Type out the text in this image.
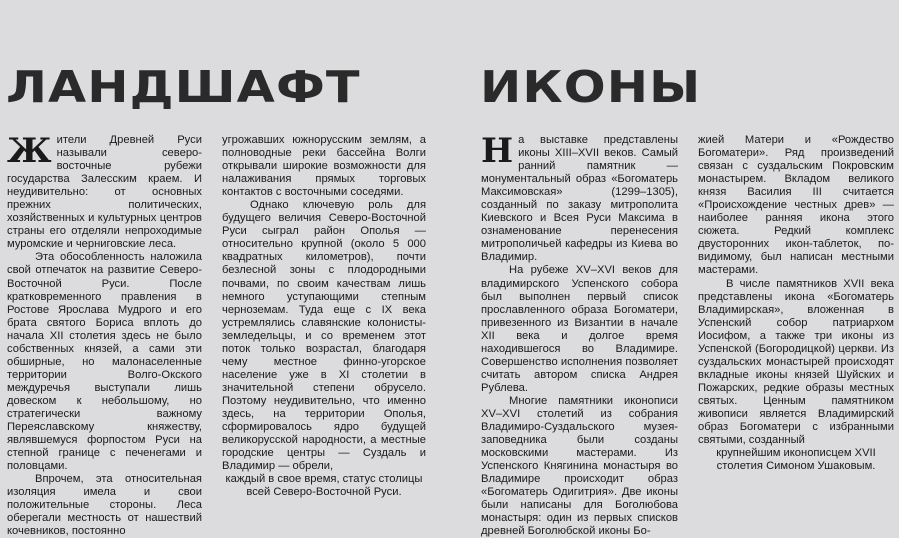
ЛАНДШАФТ	ИКОНЫ

Жители Древней Руси называли северо-восточные рубежи государства Залесским краем. И неудивительно: от основных прежних политических, хозяйственных и культурных центров страны его отделяли непроходимые муромские и черниговские леса.

Эта обособленность наложила свой отпечаток на развитие Северо-Восточной Руси. После кратковременного правления в Ростове Ярослава Мудрого и его брата святого Бориса вплоть до начала XII столетия здесь не было собственных князей, а сами эти обширные, но малонаселенные территории Волго-Окского междуречья выступали лишь довеском к небольшому, но стратегически важному Переяславскому княжеству, являвшемуся форпостом Руси на степной границе с печенегами и половцами.

Впрочем, эта относительная изоляция имела и свои положительные стороны. Леса оберегали местность от нашествий кочевников, постоянно

угрожавших южнорусским землям, а полноводные реки бассейна Волги открывали широкие возможности для налаживания прямых торговых контактов с восточными соседями.

Однако ключевую роль для будущего величия Северо-Восточной Руси сыграл район Ополья — относительно крупной (около 5 000 квадратных километров), почти безлесной зоны с плодородными почвами, по своим качествам лишь немного уступающими степным черноземам. Туда еще с IX века устремлялись славянские колонисты-земледельцы, и со временем этот поток только возрастал, благодаря чему местное финно-угорское население уже в XI столетии в значительной степени обрусело. Поэтому неудивительно, что именно здесь, на территории Ополья, сформировалось ядро будущей великорусской народности, а местные городские центры — Суздаль и Владимир — обрели,

каждый в свое время, статус столицы всей Северо-Восточной Руси.

На выставке представлены иконы XIII–XVII веков. Самый ранний памятник — монументальный образ «Богоматерь Максимовская» (1299–1305), созданный по заказу митрополита Киевского и Всея Руси Максима в ознаменование перенесения митрополичьей кафедры из Киева во Владимир.

На рубеже XV–XVI веков для владимирского Успенского собора был выполнен первый список прославленного образа Богоматери, привезенного из Византии в начале XII века и долгое время находившегося во Владимире. Совершенство исполнения позволяет считать автором списка Андрея Рублева.

Многие памятники иконописи XV–XVI столетий из собрания Владимиро-Суздальского музея-заповедника были созданы московскими мастерами. Из Успенского Княгинина монастыря во Владимире происходит образ «Богоматерь Одигитрия». Две иконы были написаны для Боголюбова монастыря: один из первых списков древней Боголюбской иконы Бо-

жией Матери и «Рождество Богоматери». Ряд произведений связан с суздальским Покровским монастырем. Вкладом великого князя Василия III считается «Происхождение честных древ» — наиболее ранняя икона этого сюжета. Редкий комплекс двусторонних икон-таблеток, по-видимому, был написан местными мастерами.

В числе памятников XVII века представлены икона «Богоматерь Владимирская», вложенная в Успенский собор патриархом Иосифом, а также три иконы из Успенской (Богородицкой) церкви. Из суздальских монастырей происходят вкладные иконы князей Шуйских и Пожарских, редкие образы местных святых. Ценным памятником живописи является Владимирский образ Богоматери с избранными святыми, созданный

крупнейшим иконописцем XVII столетия Симоном Ушаковым.
